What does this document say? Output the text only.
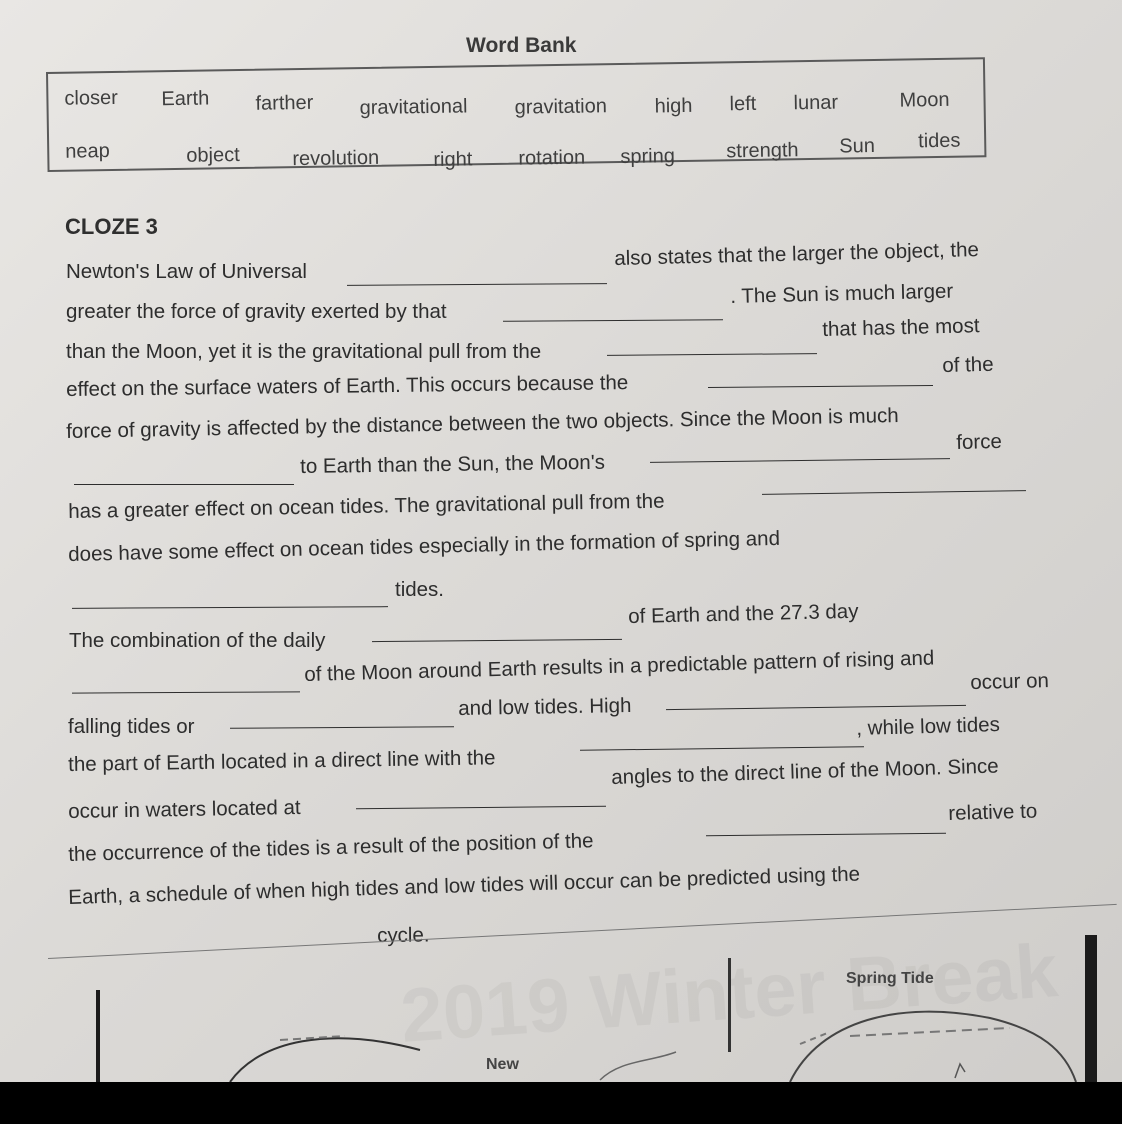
Word Bank
closer Earth farther gravitational gravitation high left lunar	Moon
neap	object	revolution	right rotation spring	strength Sun tides
CLOZE 3
Newton's Law of Universal
also states that the larger the object, the
greater the force of gravity exerted by that
. The Sun is much larger
than the Moon, yet it is the gravitational pull from the
that has the most
effect on the surface waters of Earth. This occurs because the
of the
force of gravity is affected by the distance between the two objects. Since the Moon is much
to Earth than the Sun, the Moon's
force
has a greater effect on ocean tides. The gravitational pull from the
does have some effect on ocean tides especially in the formation of spring and
tides.
The combination of the daily
of Earth and the 27.3 day
of the Moon around Earth results in a predictable pattern of rising and
falling tides or
and low tides. High
occur on
the part of Earth located in a direct line with the
, while low tides
occur in waters located at
angles to the direct line of the Moon. Since
the occurrence of the tides is a result of the position of the
relative to
Earth, a schedule of when high tides and low tides will occur can be predicted using the
cycle.
New
Spring Tide
